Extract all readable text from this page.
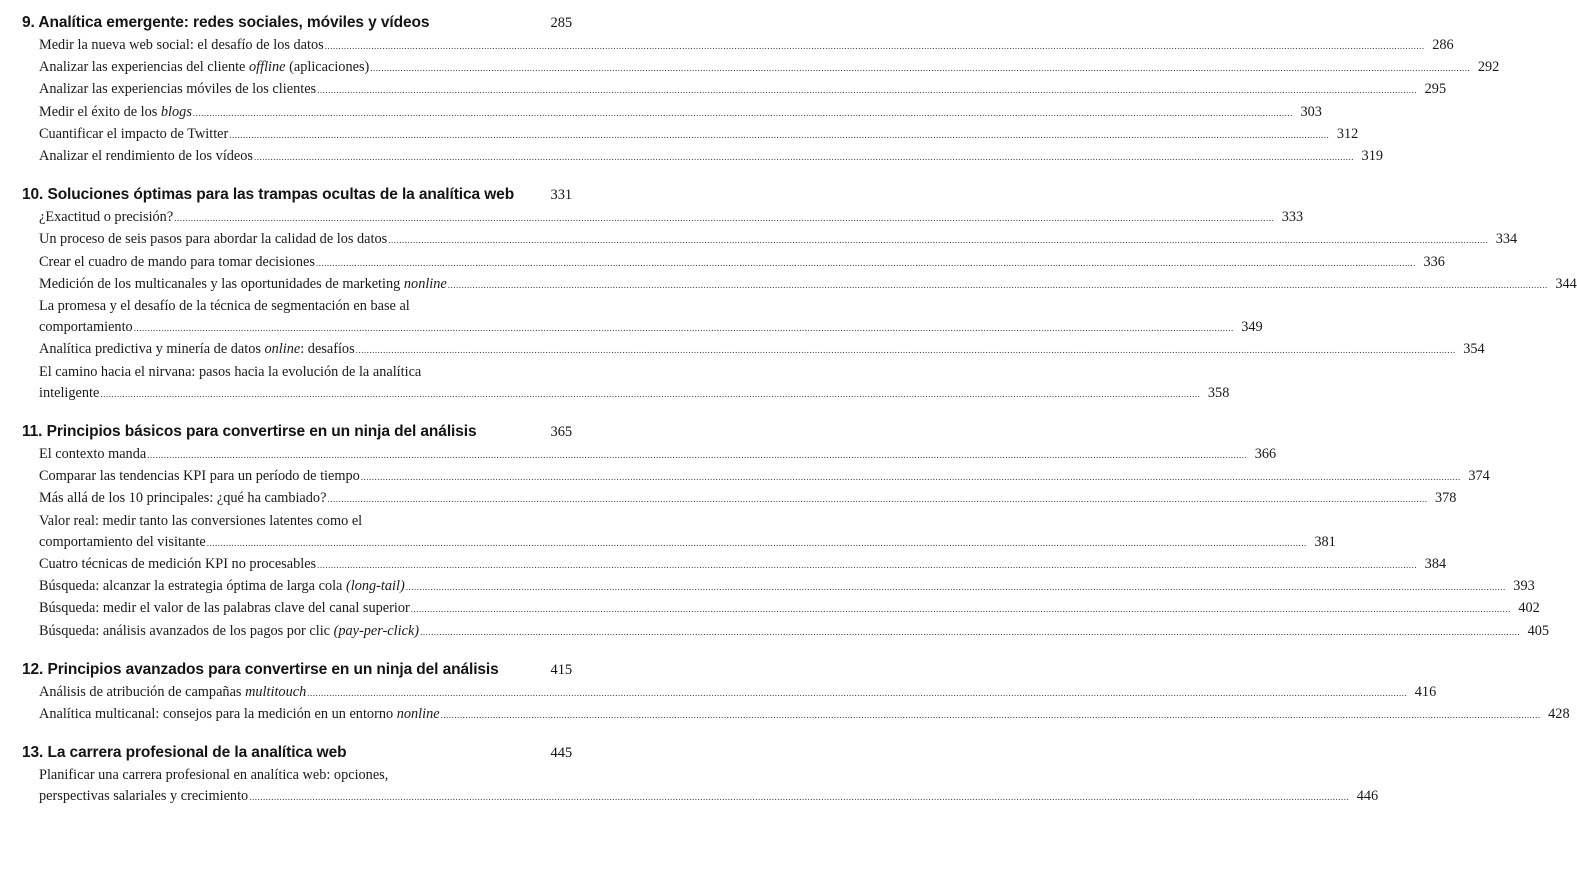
9. Analítica emergente: redes sociales, móviles y vídeos	285
Medir la nueva web social: el desafío de los datos ................................................................................................................................................................................................................................................................................................................................................................................................................ 286
Analizar las experiencias del cliente offline (aplicaciones) ................................................................................................................................................................................................................................................................................................................................................................................................................ 292
Analizar las experiencias móviles de los clientes ................................................................................................................................................................................................................................................................................................................................................................................................................ 295
Medir el éxito de los blogs ................................................................................................................................................................................................................................................................................................................................................................................................................ 303
Cuantificar el impacto de Twitter ................................................................................................................................................................................................................................................................................................................................................................................................................ 312
Analizar el rendimiento de los vídeos ................................................................................................................................................................................................................................................................................................................................................................................................................ 319
10. Soluciones óptimas para las trampas ocultas de la analítica web	331
¿Exactitud o precisión? ................................................................................................................................................................................................................................................................................................................................................................................................................ 333
Un proceso de seis pasos para abordar la calidad de los datos ................................................................................................................................................................................................................................................................................................................................................................................................................ 334
Crear el cuadro de mando para tomar decisiones ................................................................................................................................................................................................................................................................................................................................................................................................................ 336
Medición de los multicanales y las oportunidades de marketing nonline ................................................................................................................................................................................................................................................................................................................................................................................................................ 344
La promesa y el desafío de la técnica de segmentación en base al
comportamiento ................................................................................................................................................................................................................................................................................................................................................................................................................ 349
Analítica predictiva y minería de datos online: desafíos ................................................................................................................................................................................................................................................................................................................................................................................................................ 354
El camino hacia el nirvana: pasos hacia la evolución de la analítica
inteligente ................................................................................................................................................................................................................................................................................................................................................................................................................ 358
11. Principios básicos para convertirse en un ninja del análisis	365
El contexto manda ................................................................................................................................................................................................................................................................................................................................................................................................................ 366
Comparar las tendencias KPI para un período de tiempo ................................................................................................................................................................................................................................................................................................................................................................................................................ 374
Más allá de los 10 principales: ¿qué ha cambiado? ................................................................................................................................................................................................................................................................................................................................................................................................................ 378
Valor real: medir tanto las conversiones latentes como el
comportamiento del visitante ................................................................................................................................................................................................................................................................................................................................................................................................................ 381
Cuatro técnicas de medición KPI no procesables ................................................................................................................................................................................................................................................................................................................................................................................................................ 384
Búsqueda: alcanzar la estrategia óptima de larga cola (long-tail) ................................................................................................................................................................................................................................................................................................................................................................................................................ 393
Búsqueda: medir el valor de las palabras clave del canal superior ................................................................................................................................................................................................................................................................................................................................................................................................................ 402
Búsqueda: análisis avanzados de los pagos por clic (pay-per-click) ................................................................................................................................................................................................................................................................................................................................................................................................................ 405
12. Principios avanzados para convertirse en un ninja del análisis	415
Análisis de atribución de campañas multitouch ................................................................................................................................................................................................................................................................................................................................................................................................................ 416
Analítica multicanal: consejos para la medición en un entorno nonline ................................................................................................................................................................................................................................................................................................................................................................................................................ 428
13. La carrera profesional de la analítica web	445
Planificar una carrera profesional en analítica web: opciones,
perspectivas salariales y crecimiento ................................................................................................................................................................................................................................................................................................................................................................................................................ 446
